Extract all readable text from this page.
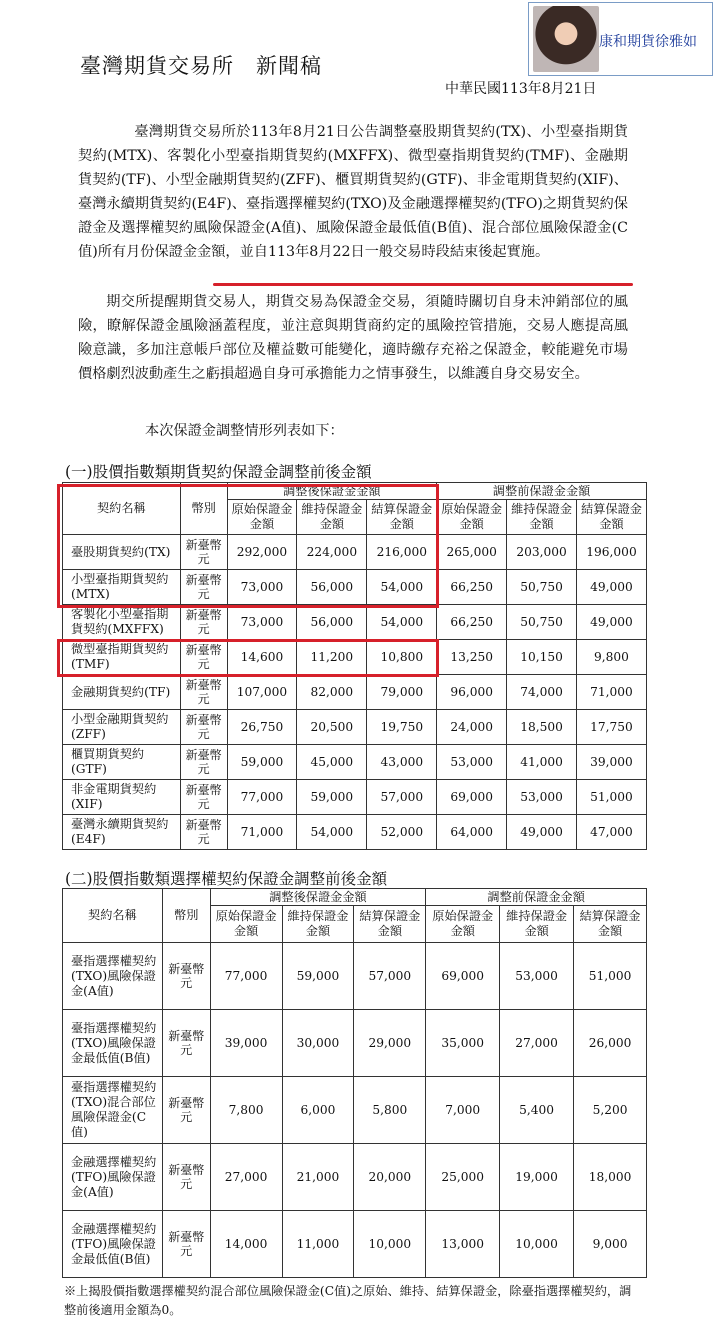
康和期貨徐雅如
臺灣期貨交易所　新聞稿
中華民國113年8月21日
臺灣期貨交易所於113年8月21日公告調整臺股期貨契約(TX)、小型臺指期貨契約(MTX)、客製化小型臺指期貨契約(MXFFX)、微型臺指期貨契約(TMF)、金融期貨契約(TF)、小型金融期貨契約(ZFF)、櫃買期貨契約(GTF)、非金電期貨契約(XIF)、臺灣永續期貨契約(E4F)、臺指選擇權契約(TXO)及金融選擇權契約(TFO)之期貨契約保證金及選擇權契約風險保證金(A值)、風險保證金最低值(B值)、混合部位風險保證金(C值)所有月份保證金金額，並自113年8月22日一般交易時段結束後起實施。
期交所提醒期貨交易人，期貨交易為保證金交易，須隨時關切自身未沖銷部位的風險，瞭解保證金風險涵蓋程度，並注意與期貨商約定的風險控管措施，交易人應提高風險意識，多加注意帳戶部位及權益數可能變化，適時繳存充裕之保證金，較能避免市場價格劇烈波動產生之虧損超過自身可承擔能力之情事發生，以維護自身交易安全。
本次保證金調整情形列表如下：
(一)股價指數類期貨契約保證金調整前後金額
契約名稱	幣別	調整後保證金金額			調整前保證金金額		
		原始保證金金額	維持保證金金額	結算保證金金額	原始保證金金額	維持保證金金額	結算保證金金額
臺股期貨契約(TX)	新臺幣元	292,000	224,000	216,000	265,000	203,000	196,000
小型臺指期貨契約(MTX)	新臺幣元	73,000	56,000	54,000	66,250	50,750	49,000
客製化小型臺指期貨契約(MXFFX)	新臺幣元	73,000	56,000	54,000	66,250	50,750	49,000
微型臺指期貨契約(TMF)	新臺幣元	14,600	11,200	10,800	13,250	10,150	9,800
金融期貨契約(TF)	新臺幣元	107,000	82,000	79,000	96,000	74,000	71,000
小型金融期貨契約(ZFF)	新臺幣元	26,750	20,500	19,750	24,000	18,500	17,750
櫃買期貨契約(GTF)	新臺幣元	59,000	45,000	43,000	53,000	41,000	39,000
非金電期貨契約(XIF)	新臺幣元	77,000	59,000	57,000	69,000	53,000	51,000
臺灣永續期貨契約(E4F)	新臺幣元	71,000	54,000	52,000	64,000	49,000	47,000
(二)股價指數類選擇權契約保證金調整前後金額
契約名稱	幣別	調整後保證金金額			調整前保證金金額		
		原始保證金金額	維持保證金金額	結算保證金金額	原始保證金金額	維持保證金金額	結算保證金金額
臺指選擇權契約(TXO)風險保證金(A值)	新臺幣元	77,000	59,000	57,000	69,000	53,000	51,000
臺指選擇權契約(TXO)風險保證金最低值(B值)	新臺幣元	39,000	30,000	29,000	35,000	27,000	26,000
臺指選擇權契約(TXO)混合部位風險保證金(C值)	新臺幣元	7,800	6,000	5,800	7,000	5,400	5,200
金融選擇權契約(TFO)風險保證金(A值)	新臺幣元	27,000	21,000	20,000	25,000	19,000	18,000
金融選擇權契約(TFO)風險保證金最低值(B值)	新臺幣元	14,000	11,000	10,000	13,000	10,000	9,000
※上揭股價指數選擇權契約混合部位風險保證金(C值)之原始、維持、結算保證金，除臺指選擇權契約，調整前後適用金額為0。
